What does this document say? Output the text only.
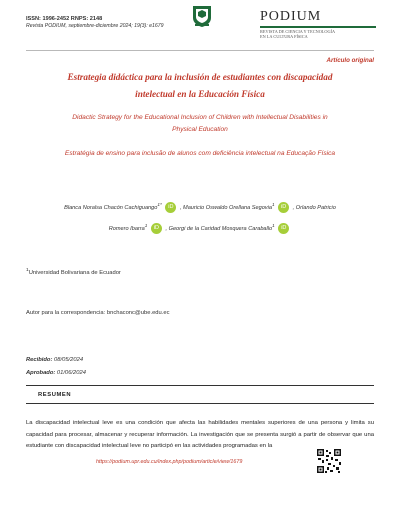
ISSN: 1996-2452 RNPS: 2148
Revista PODIUM, septiembre-diciembre 2024; 19(3): e1679
PODIUM
REVISTA DE CIENCIA Y TECNOLOGÍA
EN LA CULTURA FÍSICA
Artículo original
Estrategia didáctica para la inclusión de estudiantes con discapacidad
intelectual en la Educación Física
Didactic Strategy for the Educational Inclusion of Children with Intellectual Disabilities in
Physical Education
Estratégia de ensino para inclusão de alunos com deficiência intelectual na Educação Física
Blanca Noralsa Chacón Cachiguango$^{1*}$ iD , Mauricio Oswaldo Orellana Segovia$^1$ iD , Orlando Patricio
Romero Ibarra$^1$ iD , Georgi de la Caridad Mosquera Caraballo$^1$ iD
$^1$Universidad Bolivariana de Ecuador
Autor para la correspondencia: bnchaconc@ube.edu.ec
Recibido: 08/05/2024
Aprobado: 01/06/2024
RESUMEN
La discapacidad intelectual leve es una condición que afecta las habilidades mentales superiores de una persona y limita su capacidad para procesar, almacenar y recuperar información. La investigación que se presenta surgió a partir de observar que una estudiante con discapacidad intelectual leve no participó en las actividades programadas en la
https://podium.upr.edu.cu/index.php/podium/article/view/1679
